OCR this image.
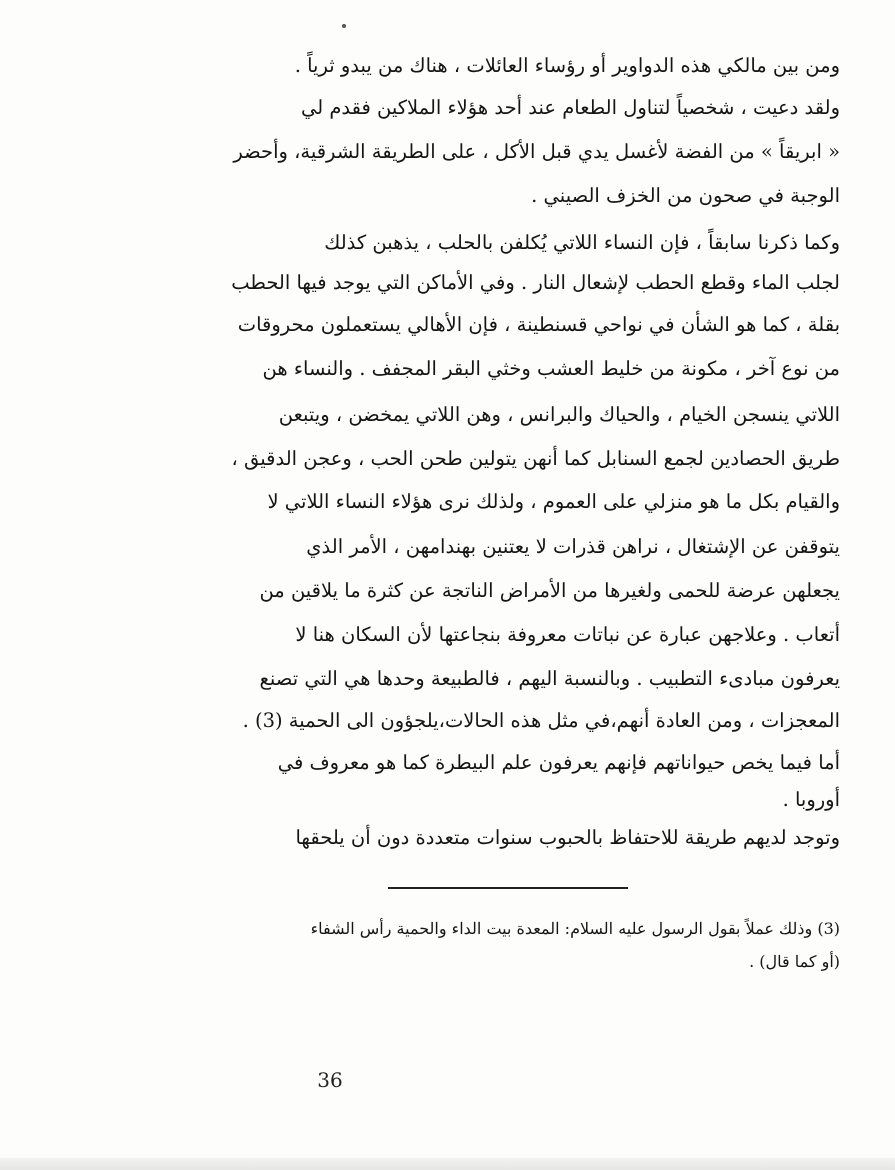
ومن بين مالكي هذه الدواوير أو رؤساء العائلات ، هناك من يبدو ثرياً .
ولقد دعيت ، شخصياً لتناول الطعام عند أحد هؤلاء الملاكين فقدم لي
« ابريقاً » من الفضة لأغسل يدي قبل الأكل ، على الطريقة الشرقية، وأحضر
الوجبة في صحون من الخزف الصيني .
وكما ذكرنا سابقاً ، فإن النساء اللاتي يُكلفن بالحلب ، يذهبن كذلك
لجلب الماء وقطع الحطب لإشعال النار . وفي الأماكن التي يوجد فيها الحطب
بقلة ، كما هو الشأن في نواحي قسنطينة ، فإن الأهالي يستعملون محروقات
من نوع آخر ، مكونة من خليط العشب وخثي البقر المجفف . والنساء هن
اللاتي ينسجن الخيام ، والحياك والبرانس ، وهن اللاتي يمخضن ، ويتبعن
طريق الحصادين لجمع السنابل كما أنهن يتولين طحن الحب ، وعجن الدقيق ،
والقيام بكل ما هو منزلي على العموم ، ولذلك نرى هؤلاء النساء اللاتي لا
يتوقفن عن الإشتغال ، نراهن قذرات لا يعتنين بهندامهن ، الأمر الذي
يجعلهن عرضة للحمى ولغيرها من الأمراض الناتجة عن كثرة ما يلاقين من
أتعاب . وعلاجهن عبارة عن نباتات معروفة بنجاعتها لأن السكان هنا لا
يعرفون مبادىء التطبيب . وبالنسبة اليهم ، فالطبيعة وحدها هي التي تصنع
المعجزات ، ومن العادة أنهم،في مثل هذه الحالات،يلجؤون الى الحمية (3) .
أما فيما يخص حيواناتهم فإنهم يعرفون علم البيطرة كما هو معروف في
أوروبا .
وتوجد لديهم طريقة للاحتفاظ بالحبوب سنوات متعددة دون أن يلحقها
(3) وذلك عملاً بقول الرسول عليه السلام: المعدة بيت الداء والحمية رأس الشفاء
(أو كما قال) .
36
